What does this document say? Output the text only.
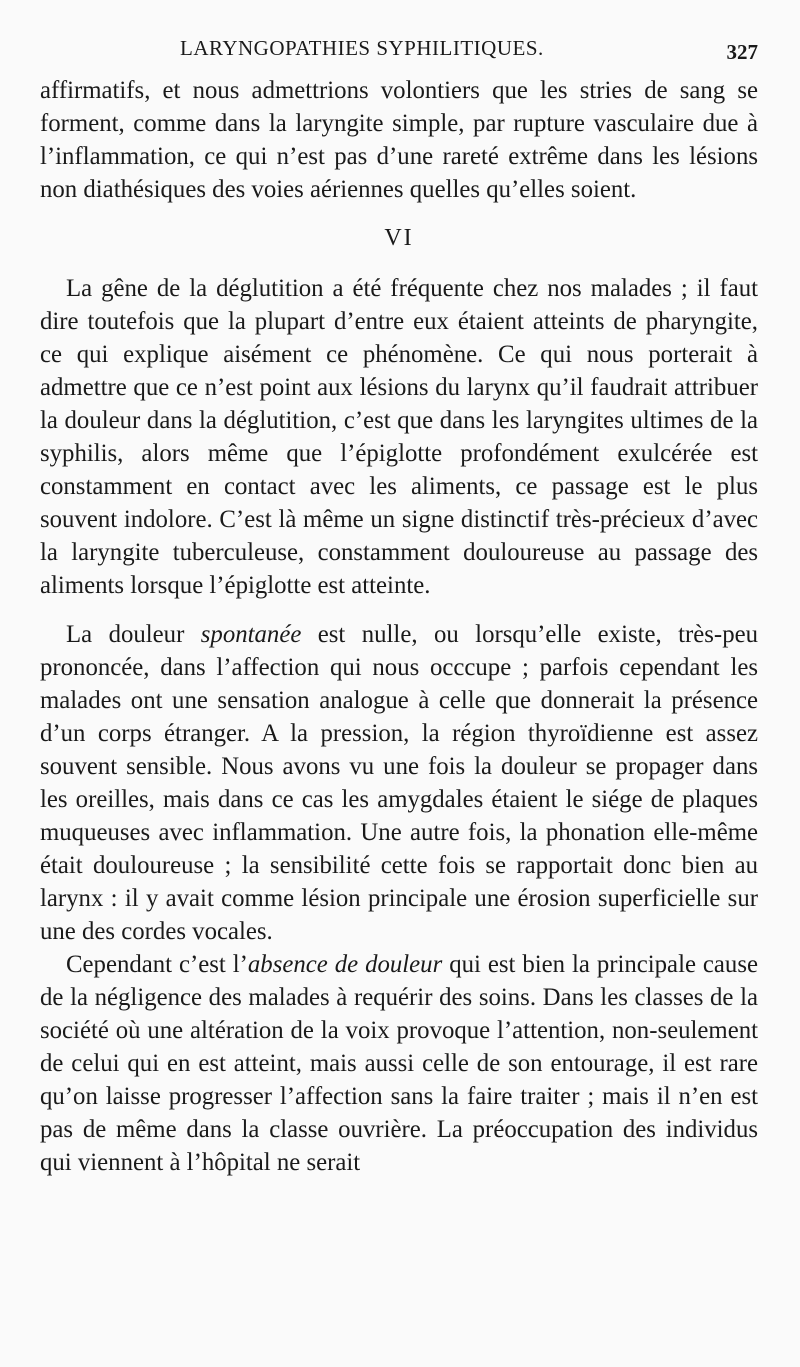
LARYNGOPATHIES SYPHILITIQUES.	327

affirmatifs, et nous admettrions volontiers que les stries de sang se forment, comme dans la laryngite simple, par rupture vasculaire due à l’inflammation, ce qui n’est pas d’une rareté extrême dans les lésions non diathésiques des voies aériennes quelles qu’elles soient.

VI

La gêne de la déglutition a été fréquente chez nos malades ; il faut dire toutefois que la plupart d’entre eux étaient atteints de pharyngite, ce qui explique aisément ce phénomène. Ce qui nous porterait à admettre que ce n’est point aux lésions du larynx qu’il faudrait attribuer la douleur dans la déglutition, c’est que dans les laryngites ultimes de la syphilis, alors même que l’épiglotte profondément exulcérée est constamment en contact avec les aliments, ce passage est le plus souvent indolore. C’est là même un signe distinctif très-précieux d’avec la laryngite tuberculeuse, constamment douloureuse au passage des aliments lorsque l’épiglotte est atteinte.

La douleur spontanée est nulle, ou lorsqu’elle existe, très-peu prononcée, dans l’affection qui nous occcupe ; parfois cependant les malades ont une sensation analogue à celle que donnerait la présence d’un corps étranger. A la pression, la région thyroïdienne est assez souvent sensible. Nous avons vu une fois la douleur se propager dans les oreilles, mais dans ce cas les amygdales étaient le siége de plaques muqueuses avec inflammation. Une autre fois, la phonation elle-même était douloureuse ; la sensibilité cette fois se rapportait donc bien au larynx : il y avait comme lésion principale une érosion superficielle sur une des cordes vocales.

Cependant c’est l’absence de douleur qui est bien la principale cause de la négligence des malades à requérir des soins. Dans les classes de la société où une altération de la voix provoque l’attention, non-seulement de celui qui en est atteint, mais aussi celle de son entourage, il est rare qu’on laisse progresser l’affection sans la faire traiter ; mais il n’en est pas de même dans la classe ouvrière. La préoccupation des individus qui viennent à l’hôpital ne serait
